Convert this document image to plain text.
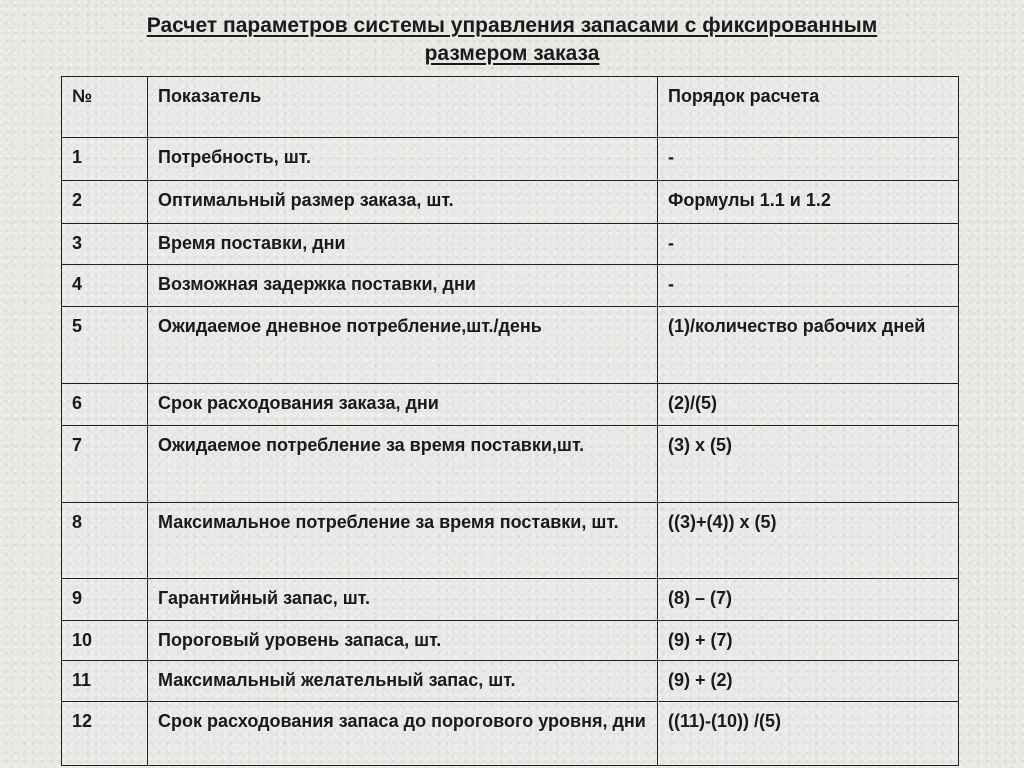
Расчет параметров системы управления запасами с фиксированным
размером заказа
№	Показатель	Порядок расчета
1	Потребность, шт.	-
2	Оптимальный размер заказа, шт.	Формулы 1.1 и 1.2
3	Время поставки, дни	-
4	Возможная задержка поставки, дни	-
5	Ожидаемое дневное потребление,шт./день	(1)/количество рабочих дней
6	Срок расходования заказа, дни	(2)/(5)
7	Ожидаемое потребление за время поставки,шт.	(3) х (5)
8	Максимальное потребление за время поставки, шт.	((3)+(4)) х (5)
9	Гарантийный запас, шт.	(8) – (7)
10	Пороговый уровень запаса, шт.	(9) + (7)
11	Максимальный желательный запас, шт.	(9) + (2)
12	Срок расходования запаса до порогового уровня, дни	((11)-(10)) /(5)
